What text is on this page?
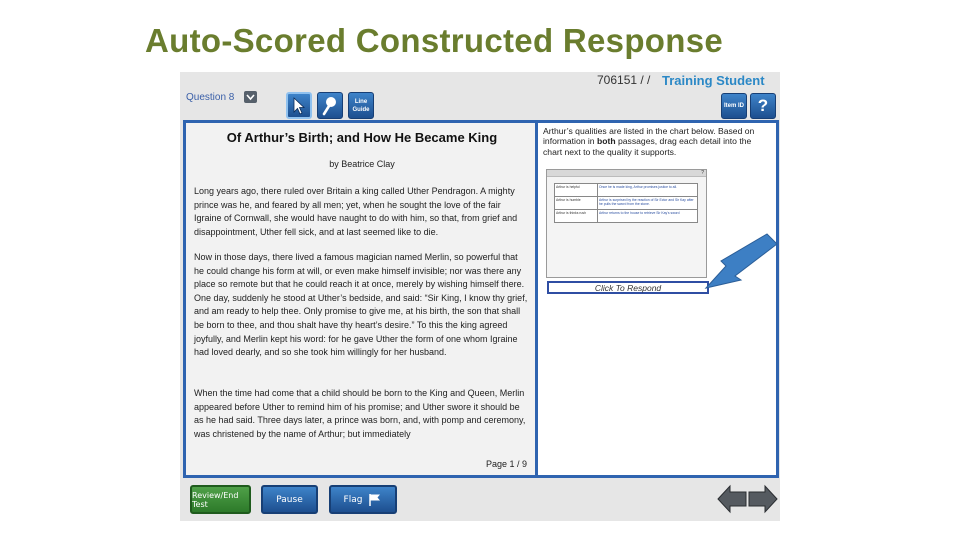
Auto-Scored Constructed Response
Question 8	Line Guide
706151 / / Training Student
Item ID ?
Of Arthur’s Birth; and How He Became King
by Beatrice Clay

Long years ago, there ruled over Britain a king called Uther Pendragon. A mighty prince was he, and feared by all men; yet, when he sought the love of the fair Igraine of Cornwall, she would have naught to do with him, so that, from grief and disappointment, Uther fell sick, and at last seemed like to die.

Now in those days, there lived a famous magician named Merlin, so powerful that he could change his form at will, or even make himself invisible; nor was there any place so remote but that he could reach it at once, merely by wishing himself there. One day, suddenly he stood at Uther’s bedside, and said: “Sir King, I know thy grief, and am ready to help thee. Only promise to give me, at his birth, the son that shall be born to thee, and thou shalt have thy heart’s desire.” To this the king agreed joyfully, and Merlin kept his word: for he gave Uther the form of one whom Igraine had loved dearly, and so she took him willingly for her husband.

When the time had come that a child should be born to the King and Queen, Merlin appeared before Uther to remind him of his promise; and Uther swore it should be as he had said. Three days later, a prince was born, and, with pomp and ceremony, was christened by the name of Arthur; but immediately

Page 1 / 9
Arthur’s qualities are listed in the chart below. Based on information in both passages, drag each detail into the chart next to the quality it supports.
?
Arthur is helpful	Once he is made king, Arthur promises justice to all.
Arthur is humble	Arthur is surprised by the reaction of Sir Ector and Sir Kay after he pulls the sword from the stone.
Arthur is thinks rush	Arthur returns to the house to retrieve Sir Kay's sword
Click To Respond
Review/End Test	Pause	Flag	Next
